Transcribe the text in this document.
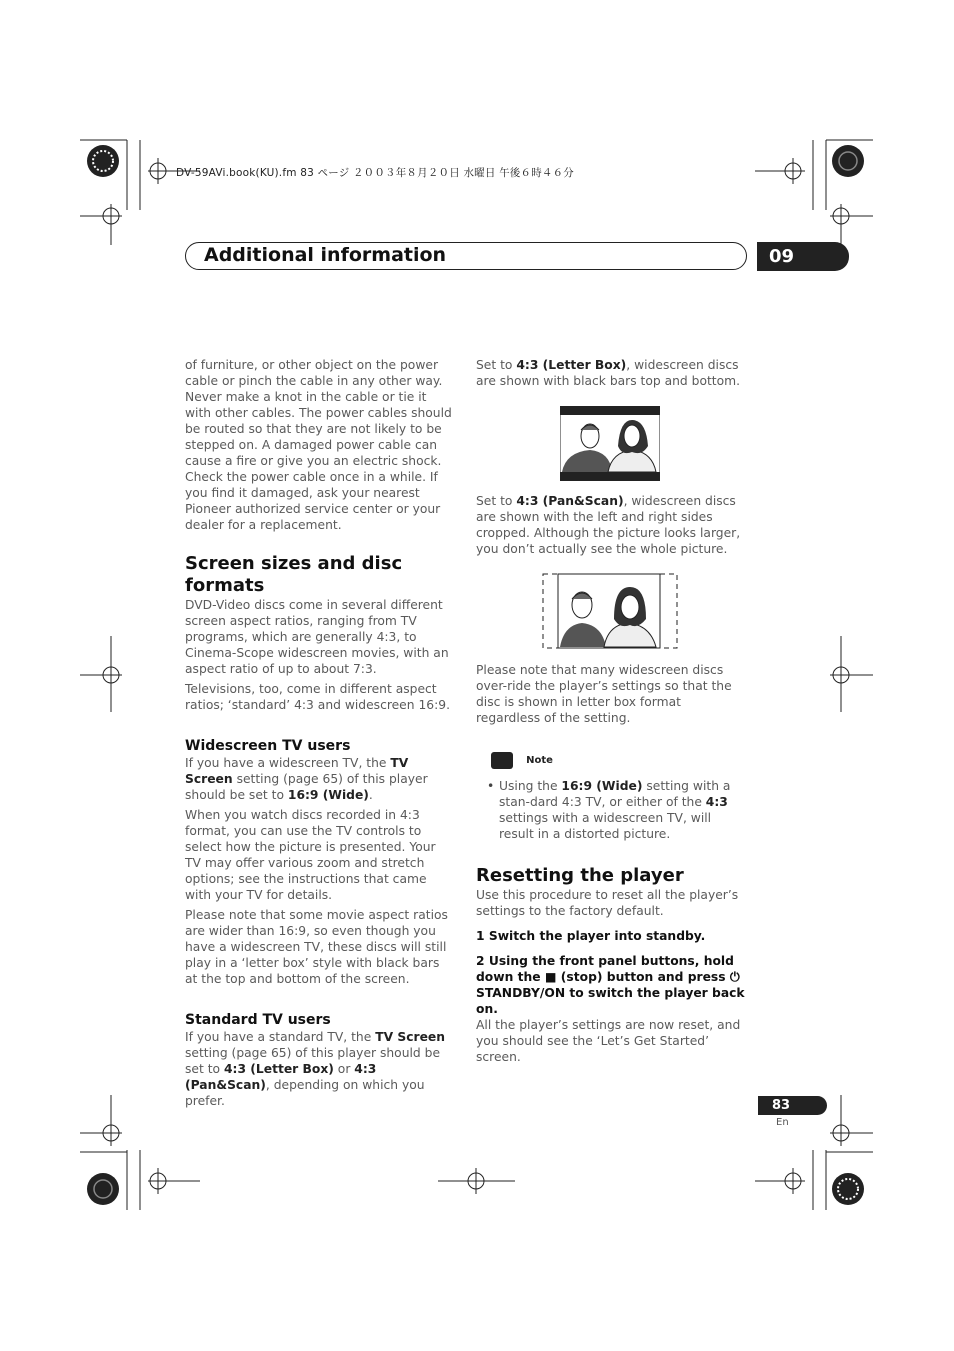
DV-59AVi.book(KU).fm 83 ページ ２００３年８月２０日 水曜日 午後６時４６分
Additional information	09

of furniture, or other object on the power cable or pinch the cable in any other way. Never make a knot in the cable or tie it with other cables. The power cables should be routed so that they are not likely to be stepped on. A damaged power cable can cause a fire or give you an electric shock. Check the power cable once in a while. If you find it damaged, ask your nearest Pioneer authorized service center or your dealer for a replacement.

Screen sizes and disc formats

DVD-Video discs come in several different screen aspect ratios, ranging from TV programs, which are generally 4:3, to Cinema-Scope widescreen movies, with an aspect ratio of up to about 7:3.

Televisions, too, come in different aspect ratios; ‘standard’ 4:3 and widescreen 16:9.

Widescreen TV users

If you have a widescreen TV, the TV Screen setting (page 65) of this player should be set to 16:9 (Wide).

When you watch discs recorded in 4:3 format, you can use the TV controls to select how the picture is presented. Your TV may offer various zoom and stretch options; see the instructions that came with your TV for details.

Please note that some movie aspect ratios are wider than 16:9, so even though you have a widescreen TV, these discs will still play in a ‘letter box’ style with black bars at the top and bottom of the screen.

Standard TV users

If you have a standard TV, the TV Screen setting (page 65) of this player should be set to 4:3 (Letter Box) or 4:3 (Pan&Scan), depending on which you prefer.

Set to 4:3 (Letter Box), widescreen discs are shown with black bars top and bottom.
Set to 4:3 (Pan&Scan), widescreen discs are shown with the left and right sides cropped. Although the picture looks larger, you don’t actually see the whole picture.
Please note that many widescreen discs over-ride the player’s settings so that the disc is shown in letter box format regardless of the setting.
Note
• Using the 16:9 (Wide) setting with a stan-dard 4:3 TV, or either of the 4:3 settings with a widescreen TV, will result in a distorted picture.
Resetting the player

Use this procedure to reset all the player’s settings to the factory default.

1 Switch the player into standby.

2 Using the front panel buttons, hold down the ■ (stop) button and press ⏻ STANDBY/ON to switch the player back on.

All the player’s settings are now reset, and you should see the ‘Let’s Get Started’ screen.

83
En
